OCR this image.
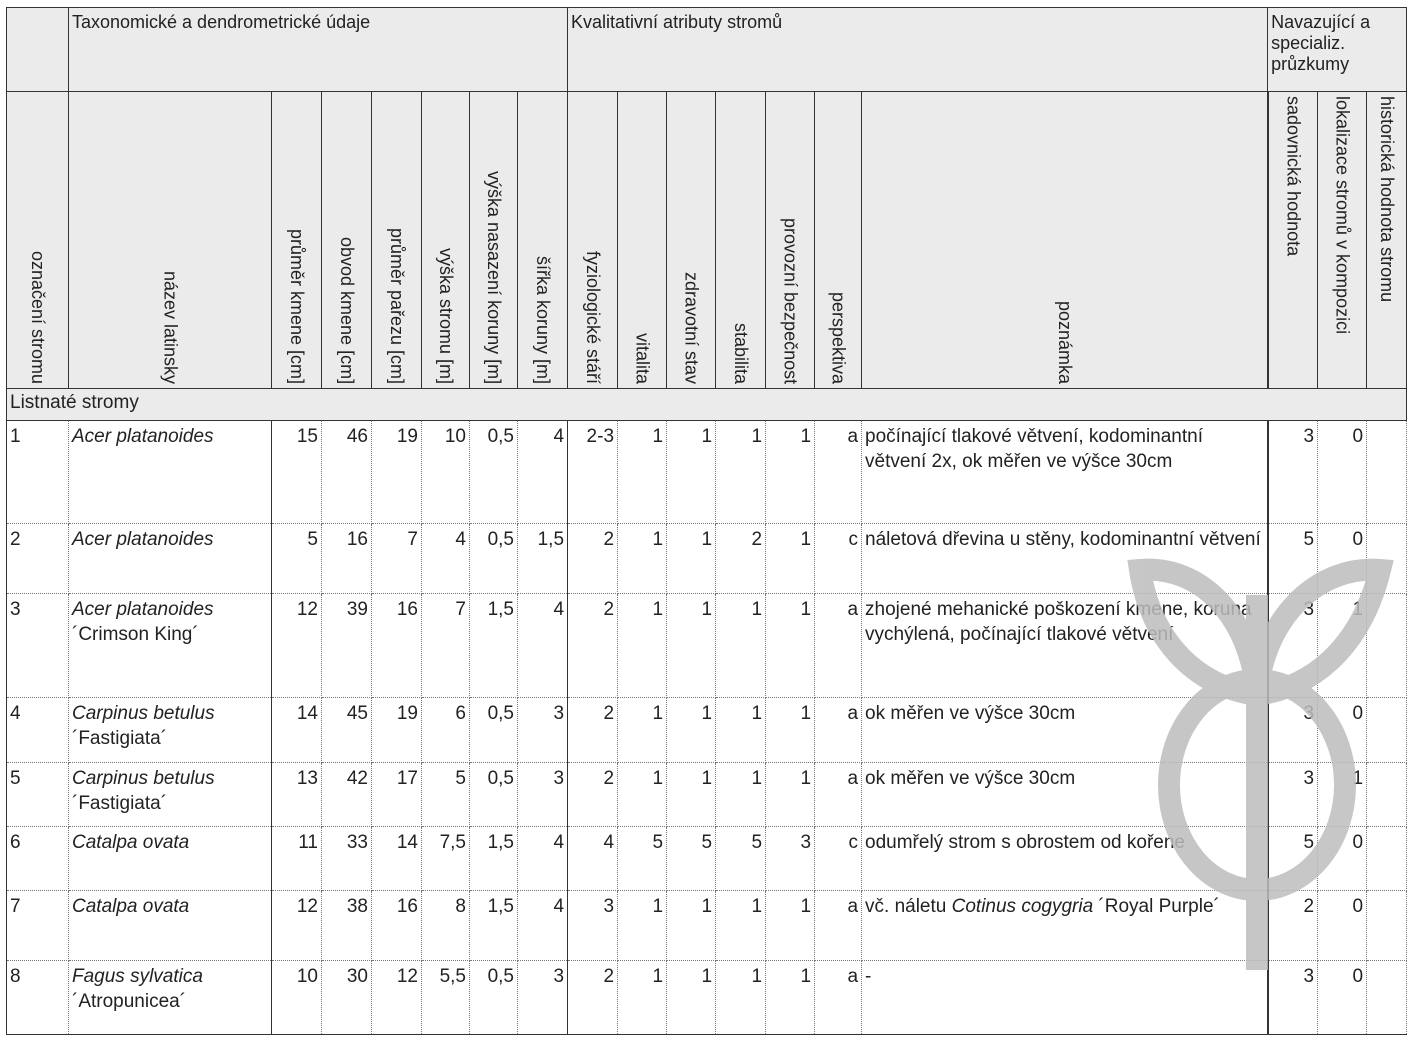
	Taxonomické a dendrometrické údaje							Kvalitativní atributy stromů							Navazující a specializ. průzkumy		

označení stromu	název latinsky	průměr kmene [cm]	obvod kmene [cm]	průměr pařezu [cm]	výška stromu [m]	výška nasazení koruny [m]	šířka koruny [m]	fyziologické stáří	vitalita	zdravotní stav	stabilita	provozní bezpečnost	perspektiva	poznámka	sadovnická hodnota	lokalizace stromů v kompozici	historická hodnota stromu

Listnaté stromy																	
1	Acer platanoides	15	46	19	10	0,5	4	2-3	1	1	1	1	a	počínající tlakové větvení, kodominantní větvení 2x, ok měřen ve výšce 30cm	3	0	
2	Acer platanoides	5	16	7	4	0,5	1,5	2	1	1	2	1	c	náletová dřevina u stěny, kodominantní větvení	5	0	
3	Acer platanoides
´Crimson King´	12	39	16	7	1,5	4	2	1	1	1	1	a	zhojené mehanické poškození kmene, koruna vychýlená, počínající tlakové větvení	3	1	
4	Carpinus betulus
´Fastigiata´	14	45	19	6	0,5	3	2	1	1	1	1	a	ok měřen ve výšce 30cm	3	0	
5	Carpinus betulus
´Fastigiata´	13	42	17	5	0,5	3	2	1	1	1	1	a	ok měřen ve výšce 30cm	3	1	
6	Catalpa ovata	11	33	14	7,5	1,5	4	4	5	5	5	3	c	odumřelý strom s obrostem od kořene	5	0	
7	Catalpa ovata	12	38	16	8	1,5	4	3	1	1	1	1	a	vč. náletu Cotinus cogygria ´Royal Purple´	2	0	
8	Fagus sylvatica
´Atropunicea´	10	30	12	5,5	0,5	3	2	1	1	1	1	a	-	3	0	
